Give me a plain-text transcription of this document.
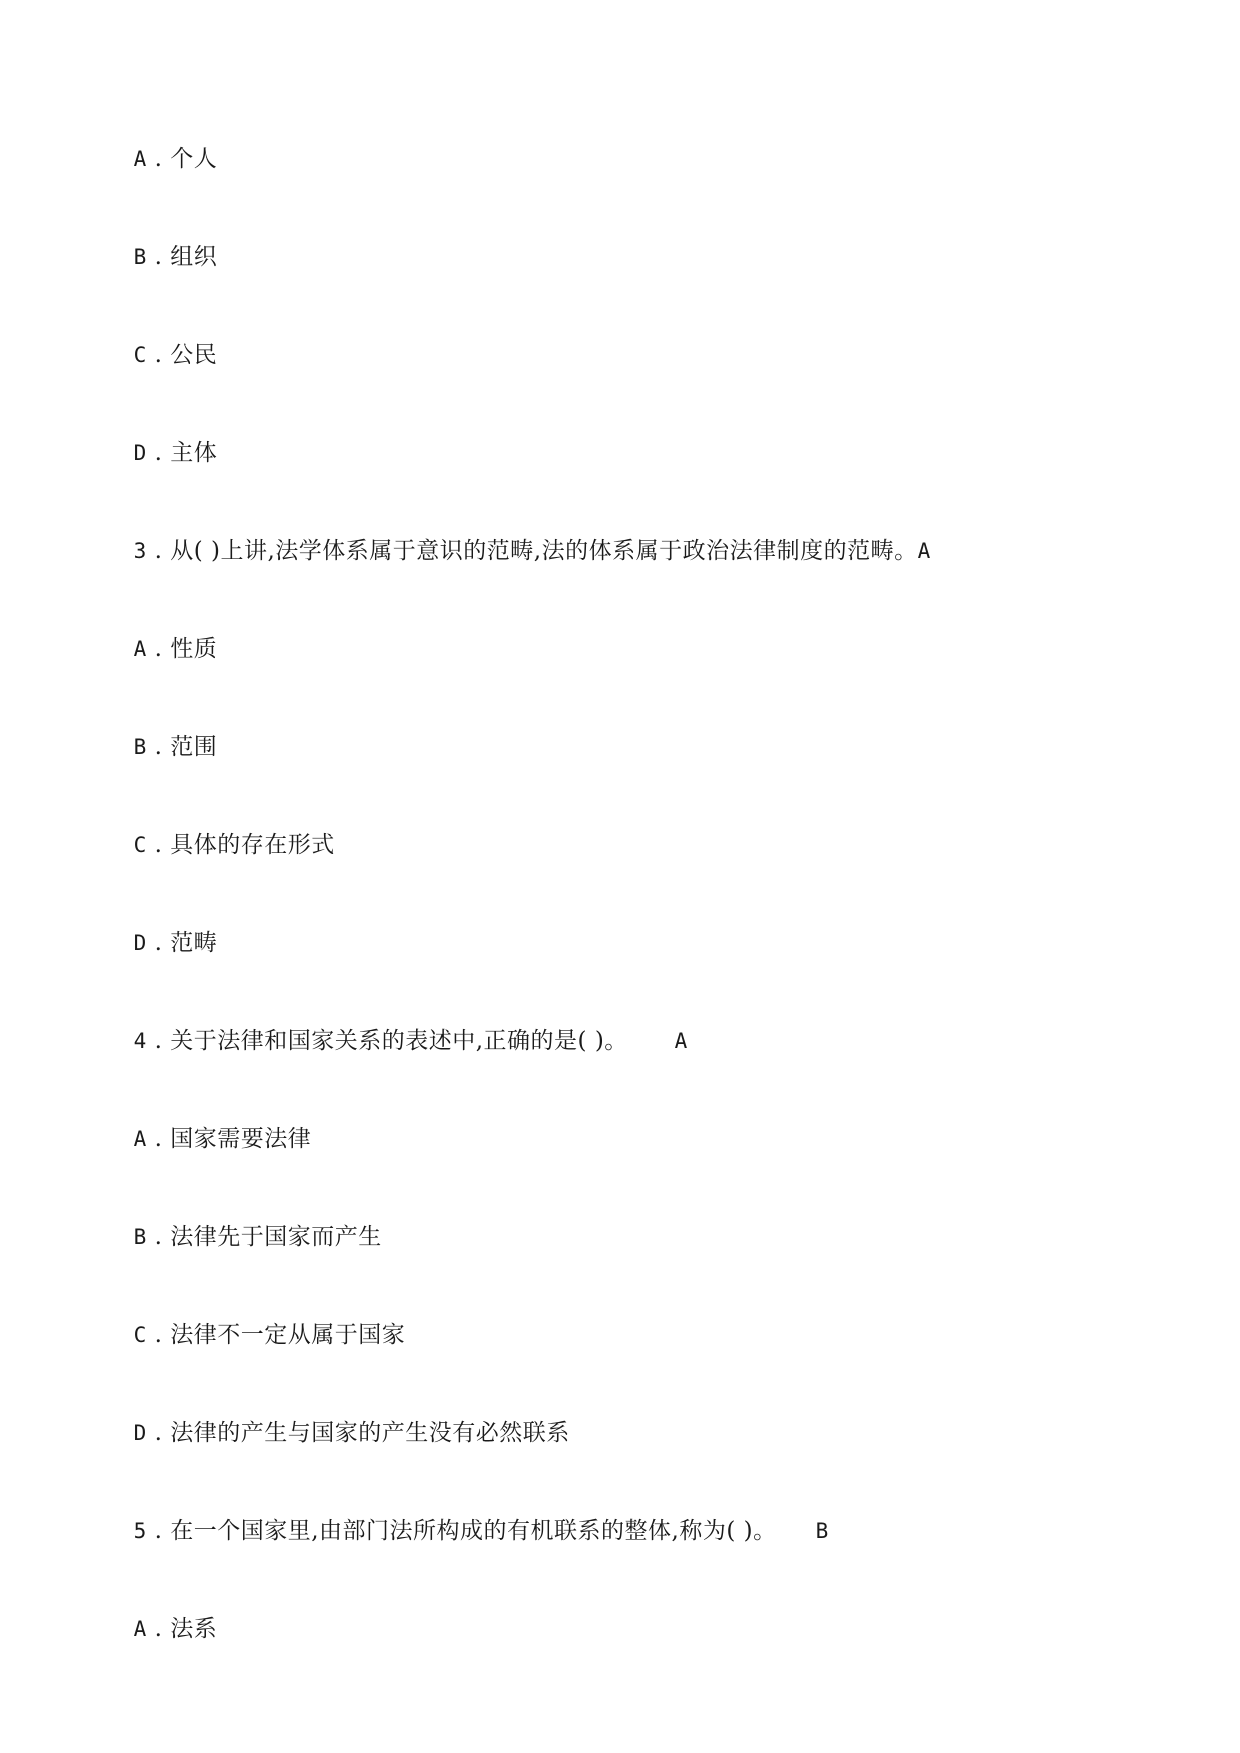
A . 个人

B . 组织

C . 公民

D . 主体

3 . 从( )上讲,法学体系属于意识的范畴,法的体系属于政治法律制度的范畴。A

A . 性质

B . 范围

C . 具体的存在形式

D . 范畴

4 . 关于法律和国家关系的表述中,正确的是( )。 A

A . 国家需要法律

B . 法律先于国家而产生

C . 法律不一定从属于国家

D . 法律的产生与国家的产生没有必然联系

5 . 在一个国家里,由部门法所构成的有机联系的整体,称为( )。 B

A . 法系
